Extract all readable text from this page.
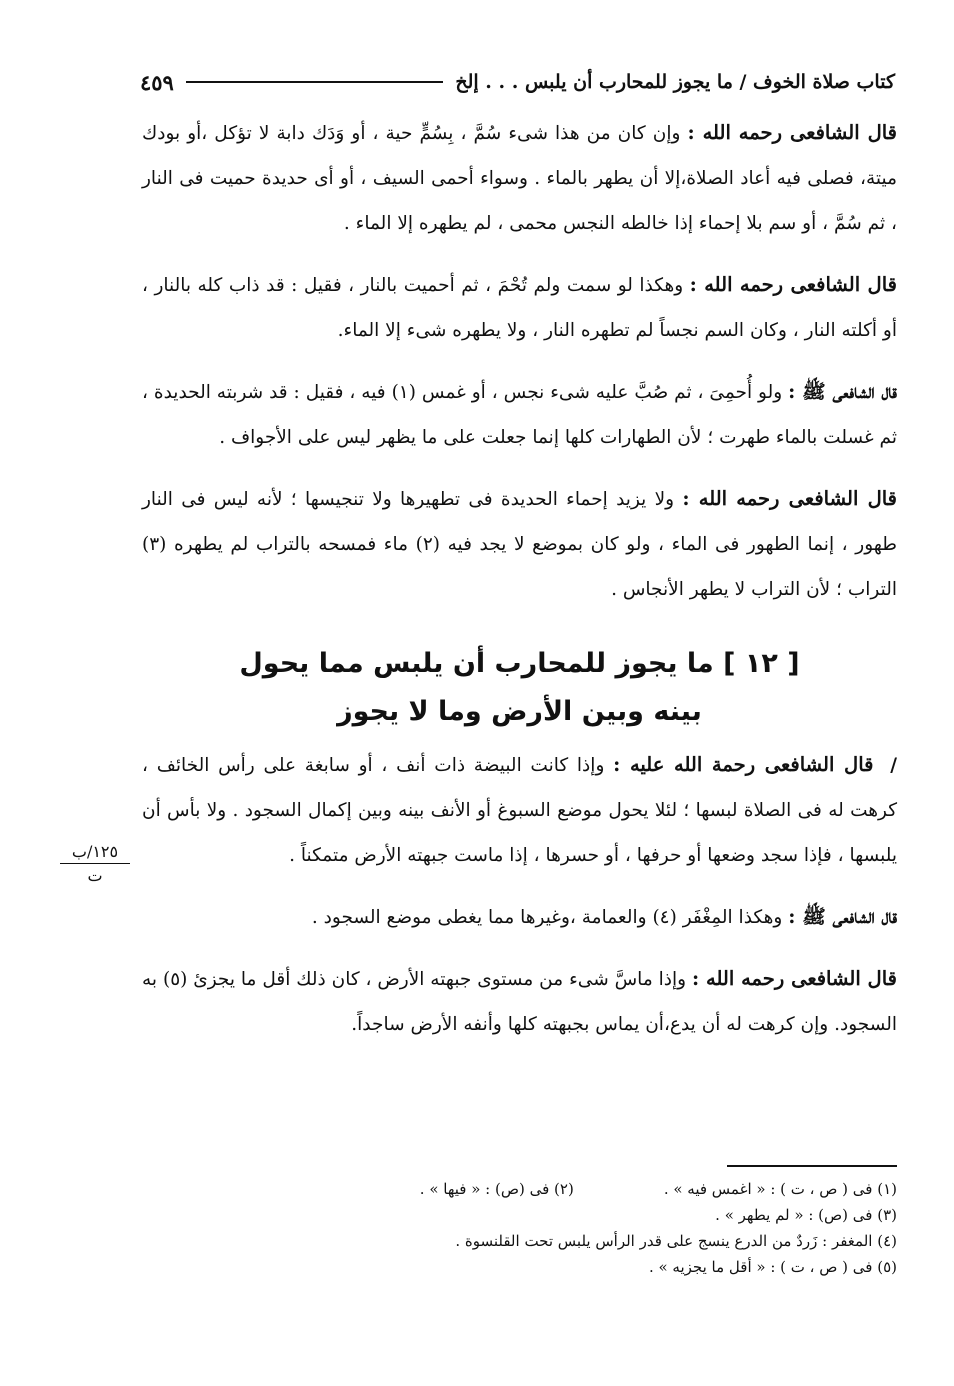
كتاب صلاة الخوف / ما يجوز للمحارب أن يلبس . . . إلخ
٤٥٩

قال الشافعى رحمه الله : وإن كان من هذا شىء سُمَّ ، بِسُمٍّ حية ، أو وَدَك دابة لا تؤكل ،أو بودك ميتة، فصلى فيه أعاد الصلاة،إلا أن يطهر بالماء . وسواء أحمى السيف ، أو أى حديدة حميت فى النار ، ثم سُمَّ ، أو سم بلا إحماء إذا خالطه النجس محمى ، لم يطهره إلا الماء .

قال الشافعى رحمه الله : وهكذا لو سمت ولم تُحْمَ ، ثم أحميت بالنار ، فقيل : قد ذاب كله بالنار ، أو أكلته النار ، وكان السم نجساً لم تطهره النار ، ولا يطهره شىء إلا الماء.

قال الشافعى ﷺ : ولو أُحمِىَ ، ثم صُبَّ عليه شىء نجس ، أو غمس (١) فيه ، فقيل : قد شربته الحديدة ، ثم غسلت بالماء طهرت ؛ لأن الطهارات كلها إنما جعلت على ما يظهر ليس على الأجواف .

قال الشافعى رحمه الله : ولا يزيد إحماء الحديدة فى تطهيرها ولا تنجيسها ؛ لأنه ليس فى النار طهور ، إنما الطهور فى الماء ، ولو كان بموضع لا يجد فيه (٢) ماء فمسحه بالتراب لم يطهره (٣) التراب ؛ لأن التراب لا يطهر الأنجاس .

[ ١٢ ] ما يجوز للمحارب أن يلبس مما يحول
بينه وبين الأرض وما لا يجوز

/ قال الشافعى رحمة الله عليه : وإذا كانت البيضة ذات أنف ، أو سابغة على رأس الخائف ، كرهت له فى الصلاة لبسها ؛ لئلا يحول موضع السبوغ أو الأنف بينه وبين إكمال السجود . ولا بأس أن يلبسها ، فإذا سجد وضعها أو حرفها ، أو حسرها ، إذا ماست جبهته الأرض متمكناً .

قال الشافعى ﷺ : وهكذا المِغْفَر (٤) والعمامة ،وغيرها مما يغطى موضع السجود .

قال الشافعى رحمه الله : وإذا ماسَّ شىء من مستوى جبهته الأرض ، كان ذلك أقل ما يجزئ (٥) به السجود. وإن كرهت له أن يدع،أن يماس بجبهته كلها وأنفه الأرض ساجداً.

١٢٥/ب
ت
(١) فى ( ص ، ت ) : « اغمس فيه » .
(٢) فى (ص) : « فيها » .
(٣) فى (ص) : « لم يطهر » .
(٤) المغفر : زَردٌ من الدرع ينسج على قدر الرأس يلبس تحت القلنسوة .
(٥) فى ( ص ، ت ) : « أقل ما يجزيه » .
